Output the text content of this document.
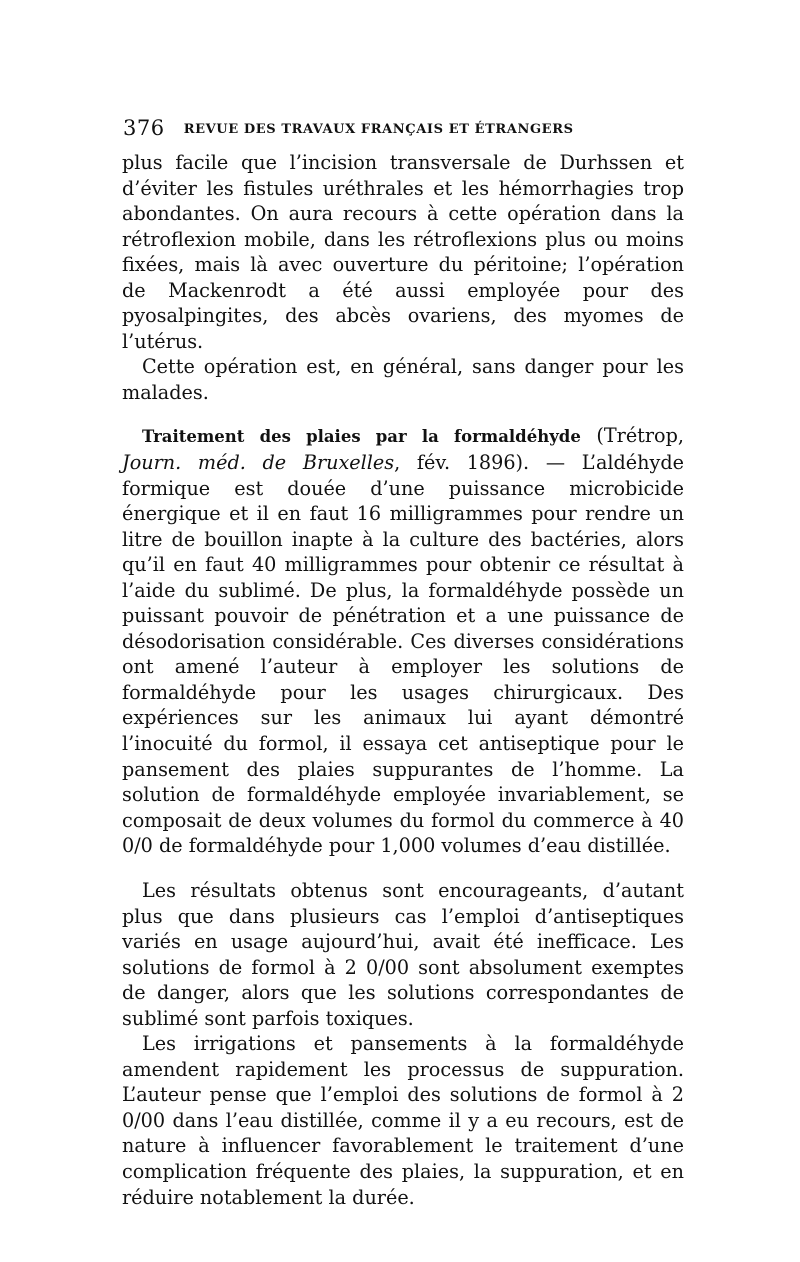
376 REVUE DES TRAVAUX FRANÇAIS ET ÉTRANGERS

plus facile que l’incision transversale de Durhssen et d’éviter les fistules uréthrales et les hémorrhagies trop abondantes. On aura recours à cette opération dans la rétroflexion mobile, dans les rétroflexions plus ou moins fixées, mais là avec ouverture du péritoine; l’opération de Mackenrodt a été aussi employée pour des pyosalpingites, des abcès ovariens, des myomes de l’utérus.

Cette opération est, en général, sans danger pour les malades.

Traitement des plaies par la formaldéhyde (Trétrop, Journ. méd. de Bruxelles, fév. 1896). — L’aldéhyde formique est douée d’une puissance microbicide énergique et il en faut 16 milligrammes pour rendre un litre de bouillon inapte à la culture des bactéries, alors qu’il en faut 40 milligrammes pour obtenir ce résultat à l’aide du sublimé. De plus, la formaldéhyde possède un puissant pouvoir de pénétration et a une puissance de désodorisation considérable. Ces diverses considérations ont amené l’auteur à employer les solutions de formaldéhyde pour les usages chirurgicaux. Des expériences sur les animaux lui ayant démontré l’inocuité du formol, il essaya cet antiseptique pour le pansement des plaies suppurantes de l’homme. La solution de formaldéhyde employée invariablement, se composait de deux volumes du formol du commerce à 40 0/0 de formaldéhyde pour 1,000 volumes d’eau distillée.

Les résultats obtenus sont encourageants, d’autant plus que dans plusieurs cas l’emploi d’antiseptiques variés en usage aujourd’hui, avait été inefficace. Les solutions de formol à 2 0/00 sont absolument exemptes de danger, alors que les solutions correspondantes de sublimé sont parfois toxiques.

Les irrigations et pansements à la formaldéhyde amendent rapidement les processus de suppuration. L’auteur pense que l’emploi des solutions de formol à 2 0/00 dans l’eau distillée, comme il y a eu recours, est de nature à influencer favorablement le traitement d’une complication fréquente des plaies, la suppuration, et en réduire notablement la durée.
